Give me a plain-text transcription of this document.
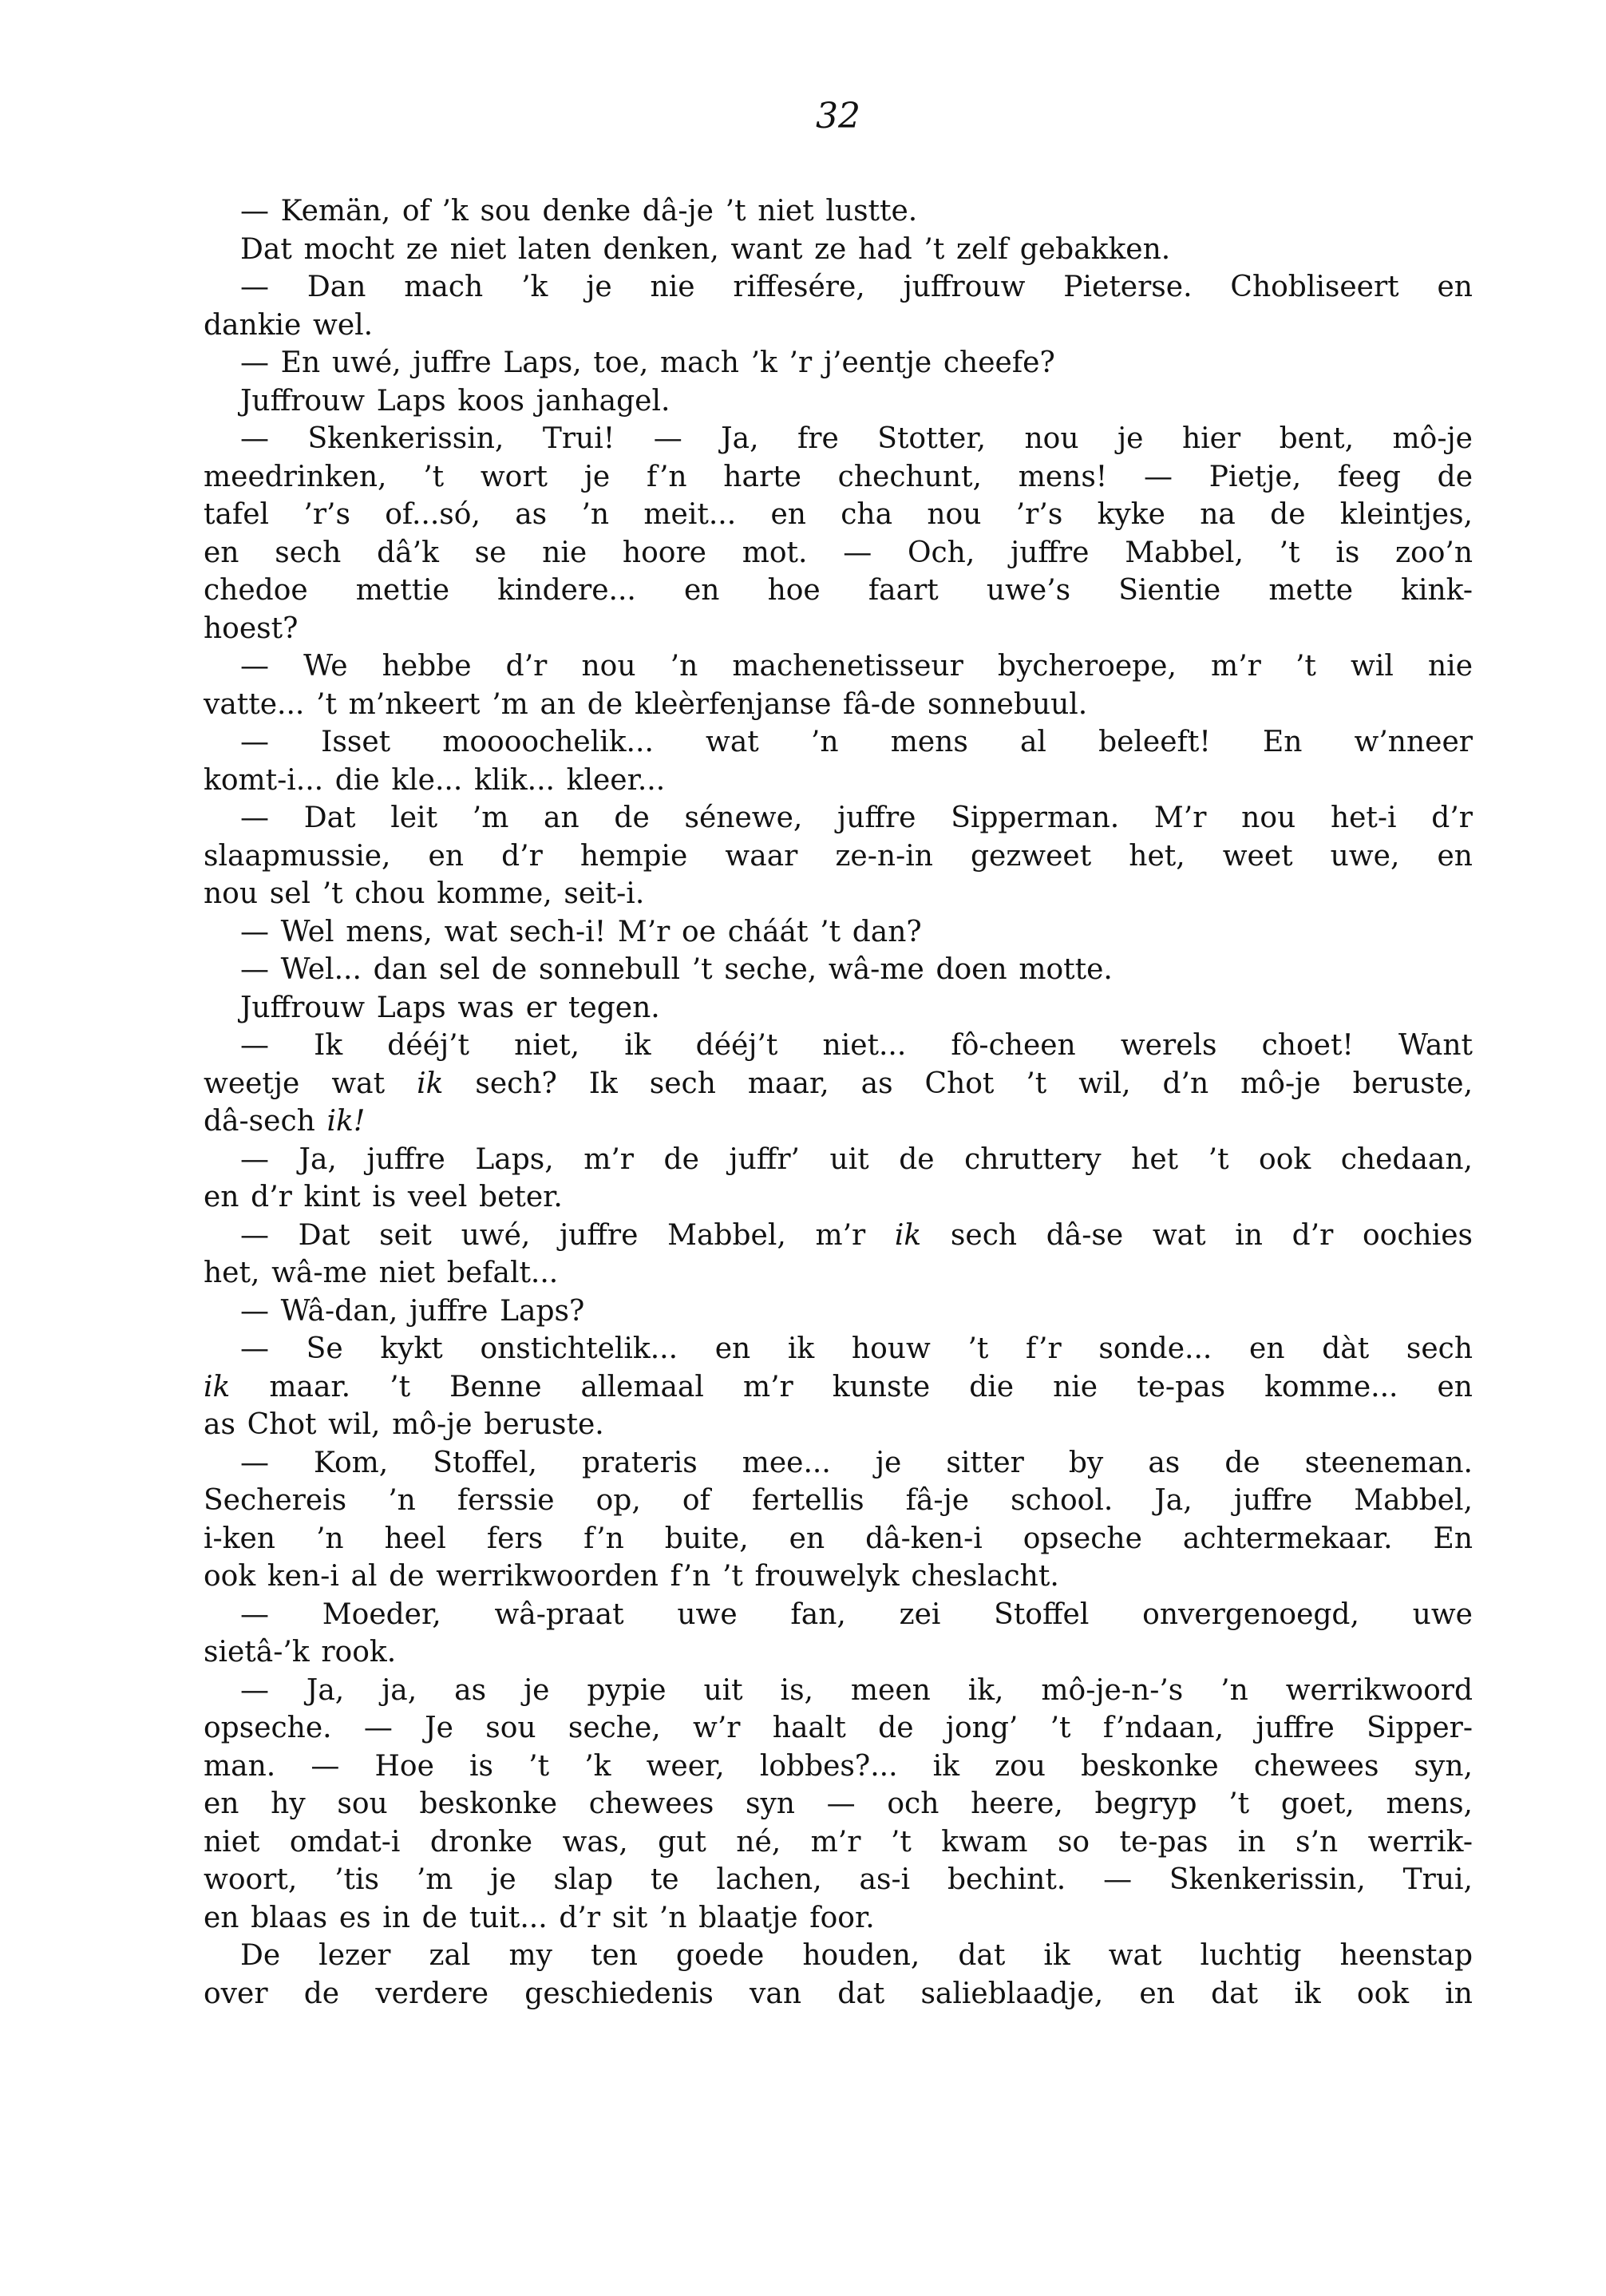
32

— Kemän, of ’k sou denke dâ-je ’t niet lustte.

Dat mocht ze niet laten denken, want ze had ’t zelf gebakken.

— Dan mach ’k je nie riffesére, juffrouw Pieterse. Chobliseert en
dankie wel.

— En uwé, juffre Laps, toe, mach ’k ’r j’eentje cheefe?

Juffrouw Laps koos janhagel.

— Skenkerissin, Trui! — Ja, fre Stotter, nou je hier bent, mô-je
meedrinken, ’t wort je f’n harte chechunt, mens! — Pietje, feeg de
tafel ’r’s of...só, as ’n meit... en cha nou ’r’s kyke na de kleintjes,
en sech dâ’k se nie hoore mot. — Och, juffre Mabbel, ’t is zoo’n
chedoe mettie kindere... en hoe faart uwe’s Sientie mette kink-
hoest?

— We hebbe d’r nou ’n machenetisseur bycheroepe, m’r ’t wil nie
vatte... ’t m’nkeert ’m an de kleèrfenjanse fâ-de sonnebuul.

— Isset moooochelik... wat ’n mens al beleeft! En w’nneer
komt-i... die kle... klik... kleer...

— Dat leit ’m an de sénewe, juffre Sipperman. M’r nou het-i d’r
slaapmussie, en d’r hempie waar ze-n-in gezweet het, weet uwe, en
nou sel ’t chou komme, seit-i.

— Wel mens, wat sech-i! M’r oe cháát ’t dan?

— Wel... dan sel de sonnebull ’t seche, wâ-me doen motte.

Juffrouw Laps was er tegen.

— Ik dééj’t niet, ik dééj’t niet... fô-cheen werels choet! Want
weetje wat ik sech? Ik sech maar, as Chot ’t wil, d’n mô-je beruste,
dâ-sech ik!

— Ja, juffre Laps, m’r de juffr’ uit de chruttery het ’t ook chedaan,
en d’r kint is veel beter.

— Dat seit uwé, juffre Mabbel, m’r ik sech dâ-se wat in d’r oochies
het, wâ-me niet befalt...

— Wâ-dan, juffre Laps?

— Se kykt onstichtelik... en ik houw ’t f’r sonde... en dàt sech
ik maar. ’t Benne allemaal m’r kunste die nie te-pas komme... en
as Chot wil, mô-je beruste.

— Kom, Stoffel, prateris mee... je sitter by as de steeneman.
Sechereis ’n ferssie op, of fertellis fâ-je school. Ja, juffre Mabbel,
i-ken ’n heel fers f’n buite, en dâ-ken-i opseche achtermekaar. En
ook ken-i al de werrikwoorden f’n ’t frouwelyk cheslacht.

— Moeder, wâ-praat uwe fan, zei Stoffel onvergenoegd, uwe
sietâ-’k rook.

— Ja, ja, as je pypie uit is, meen ik, mô-je-n-’s ’n werrikwoord
opseche. — Je sou seche, w’r haalt de jong’ ’t f’ndaan, juffre Sipper-
man. — Hoe is ’t ’k weer, lobbes?... ik zou beskonke chewees syn,
en hy sou beskonke chewees syn — och heere, begryp ’t goet, mens,
niet omdat-i dronke was, gut né, m’r ’t kwam so te-pas in s’n werrik-
woort, ’tis ’m je slap te lachen, as-i bechint. — Skenkerissin, Trui,
en blaas es in de tuit... d’r sit ’n blaatje foor.

De lezer zal my ten goede houden, dat ik wat luchtig heenstap
over de verdere geschiedenis van dat salieblaadje, en dat ik ook in
